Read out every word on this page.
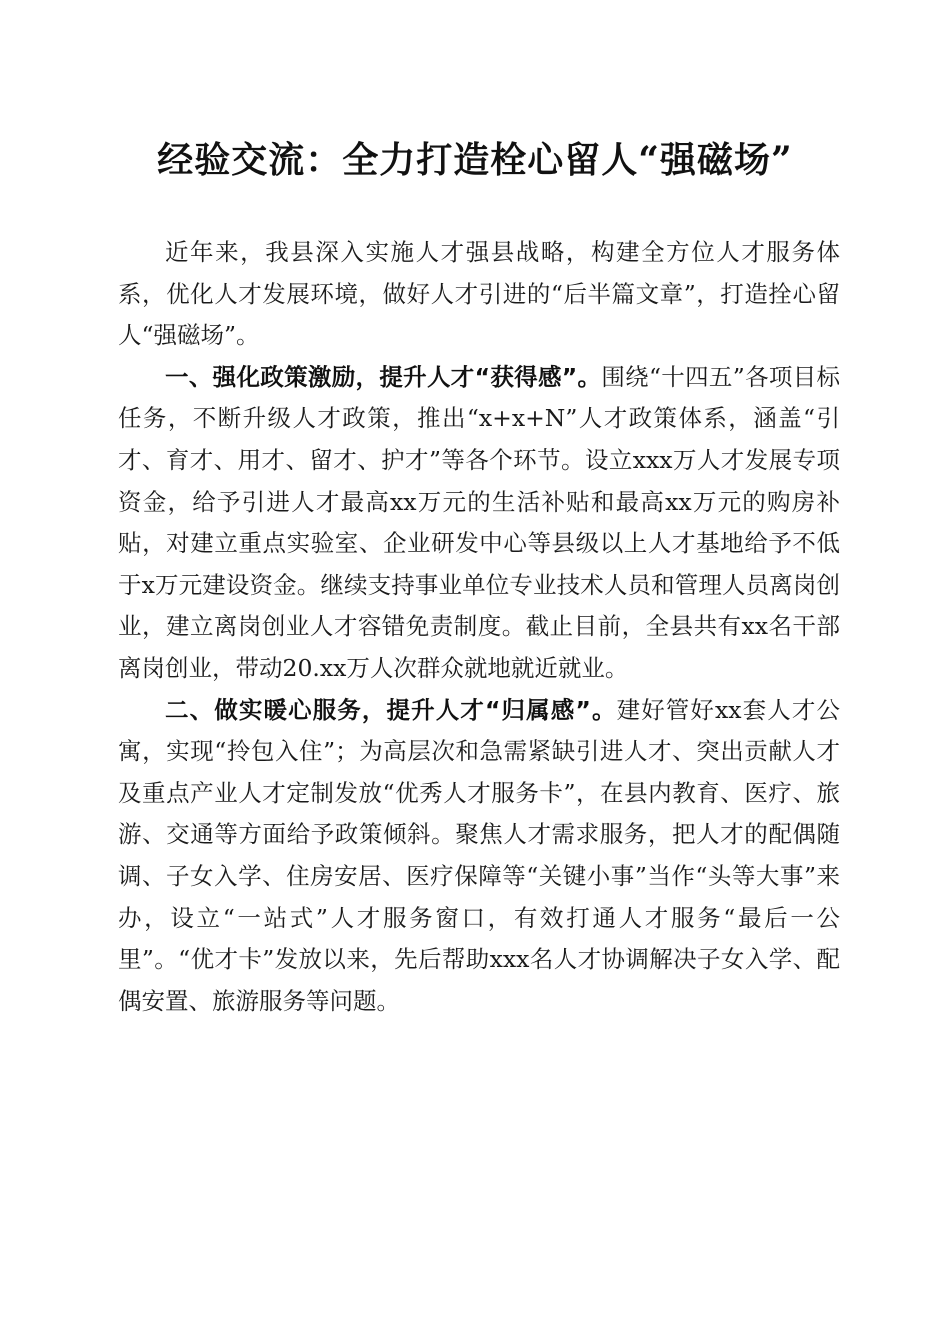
经验交流：全力打造栓心留人“强磁场”

近年来，我县深入实施人才强县战略，构建全方位人才服务体系，优化人才发展环境，做好人才引进的“后半篇文章”，打造拴心留人“强磁场”。

一、强化政策激励，提升人才“获得感”。围绕“十四五”各项目标任务，不断升级人才政策，推出“x+x+N”人才政策体系，涵盖“引才、育才、用才、留才、护才”等各个环节。设立xxx万人才发展专项资金，给予引进人才最高xx万元的生活补贴和最高xx万元的购房补贴，对建立重点实验室、企业研发中心等县级以上人才基地给予不低于x万元建设资金。继续支持事业单位专业技术人员和管理人员离岗创业，建立离岗创业人才容错免责制度。截止目前，全县共有xx名干部离岗创业，带动20.xx万人次群众就地就近就业。

二、做实暖心服务，提升人才“归属感”。建好管好xx套人才公寓，实现“拎包入住”；为高层次和急需紧缺引进人才、突出贡献人才及重点产业人才定制发放“优秀人才服务卡”，在县内教育、医疗、旅游、交通等方面给予政策倾斜。聚焦人才需求服务，把人才的配偶随调、子女入学、住房安居、医疗保障等“关键小事”当作“头等大事”来办，设立“一站式”人才服务窗口，有效打通人才服务“最后一公里”。“优才卡”发放以来，先后帮助xxx名人才协调解决子女入学、配偶安置、旅游服务等问题。
